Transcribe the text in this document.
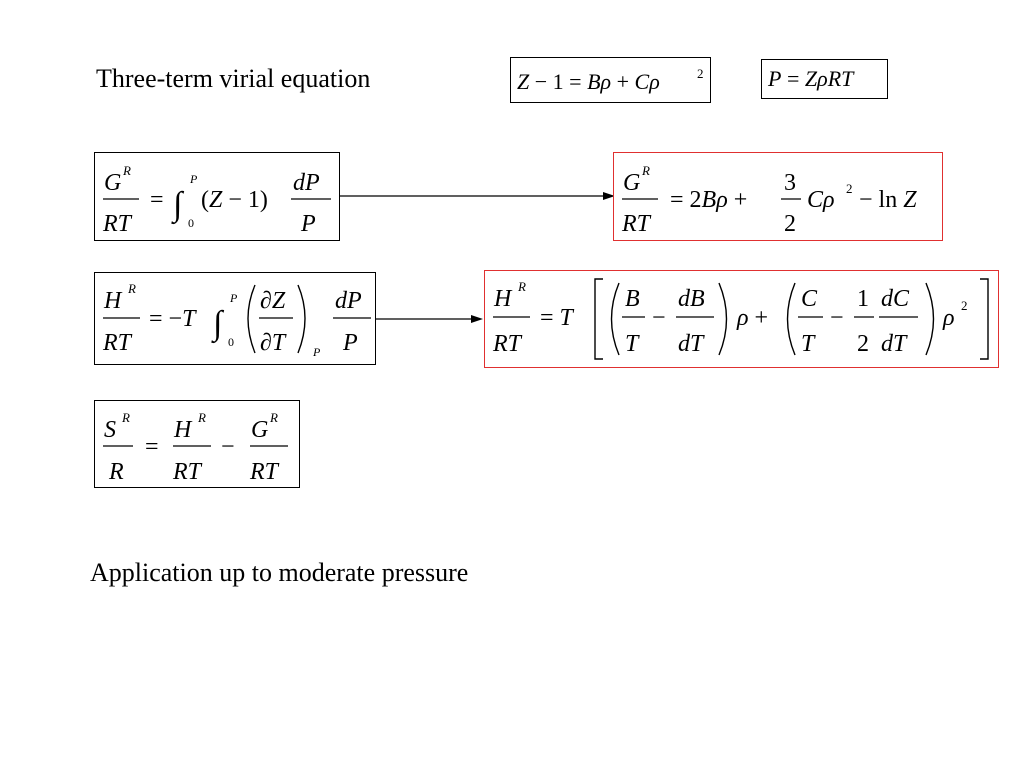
Three-term virial equation	Z − 1 = Bρ + Cρ	2	P = ZρRT
G R
RT
= ∫
P
0
(Z − 1)
dP
P
G R
RT
= 2Bρ +
3
2
Cρ 2 − ln Z
H R
RT
= −T ∫
P
0
∂Z
∂T P
dP
P
H R
RT
= T
B
T
−
dB
dT
ρ +
C
T
−
1
2
dC
dT
ρ 2
S R
R
=
H R
RT
−
G R
RT
Application up to moderate pressure
